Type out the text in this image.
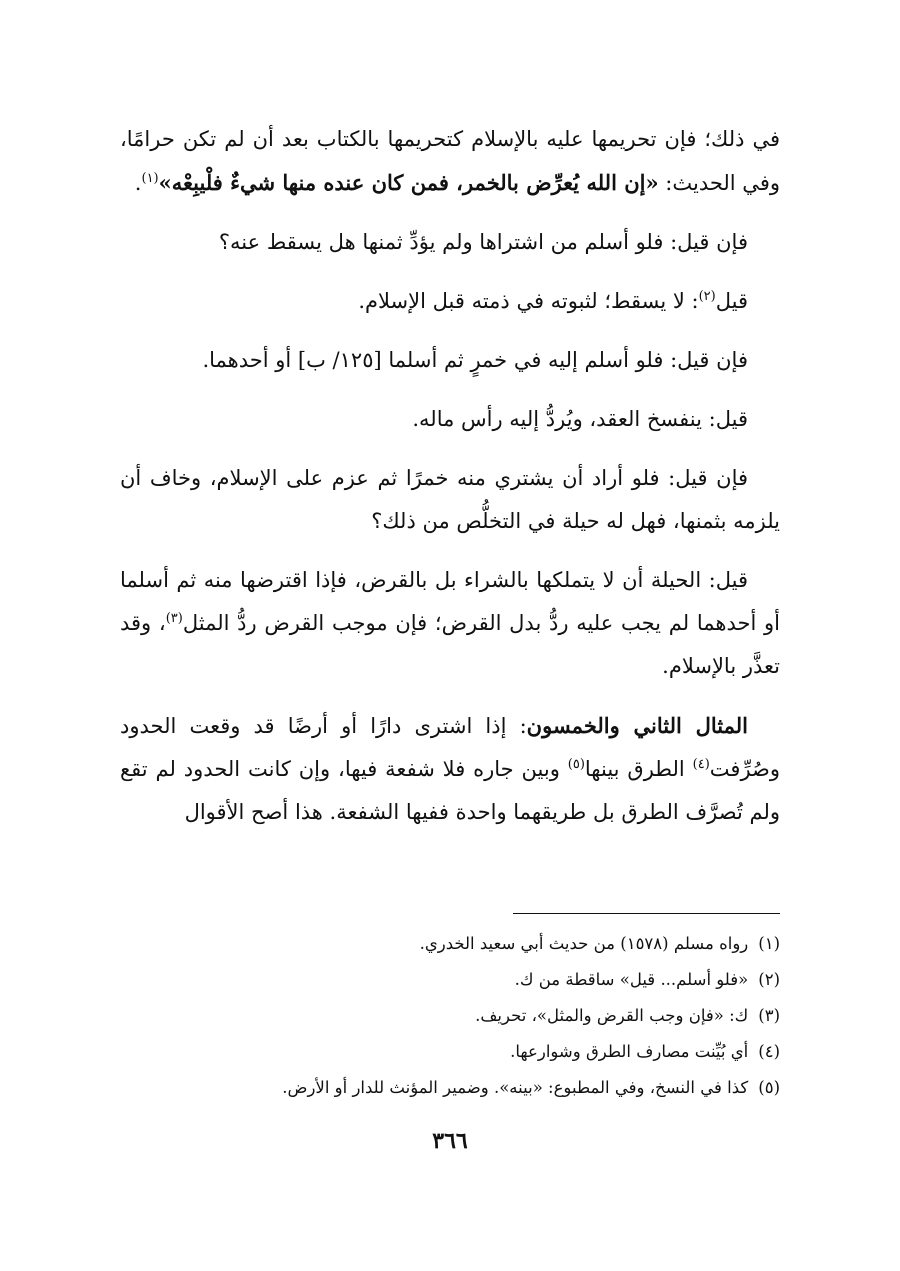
في ذلك؛ فإن تحريمها عليه بالإسلام كتحريمها بالكتاب بعد أن لم تكن حرامًا، وفي الحديث: «إن الله يُعرِّض بالخمر، فمن كان عنده منها شيءٌ فلْيبِعْه»$^{(١)}$.

فإن قيل: فلو أسلم من اشتراها ولم يؤدِّ ثمنها هل يسقط عنه؟

قيل$^{(٢)}$: لا يسقط؛ لثبوته في ذمته قبل الإسلام.

فإن قيل: فلو أسلم إليه في خمرٍ ثم أسلما [١٢٥/ ب] أو أحدهما.

قيل: ينفسخ العقد، ويُردُّ إليه رأس ماله.

فإن قيل: فلو أراد أن يشتري منه خمرًا ثم عزم على الإسلام، وخاف أن يلزمه بثمنها، فهل له حيلة في التخلُّص من ذلك؟

قيل: الحيلة أن لا يتملكها بالشراء بل بالقرض، فإذا اقترضها منه ثم أسلما أو أحدهما لم يجب عليه ردُّ بدل القرض؛ فإن موجب القرض ردُّ المثل$^{(٣)}$، وقد تعذَّر بالإسلام.

المثال الثاني والخمسون: إذا اشترى دارًا أو أرضًا قد وقعت الحدود وصُرِّفت$^{(٤)}$ الطرق بينها$^{(٥)}$ وبين جاره فلا شفعة فيها، وإن كانت الحدود لم تقع ولم تُصرَّف الطرق بل طريقهما واحدة ففيها الشفعة. هذا أصح الأقوال

(١)رواه مسلم (١٥٧٨) من حديث أبي سعيد الخدري.
(٢)«فلو أسلم... قيل» ساقطة من ك.
(٣)ك: «فإن وجب القرض والمثل»، تحريف.
(٤)أي بُيِّنت مصارف الطرق وشوارعها.
(٥)كذا في النسخ، وفي المطبوع: «بينه». وضمير المؤنث للدار أو الأرض.
٣٦٦
